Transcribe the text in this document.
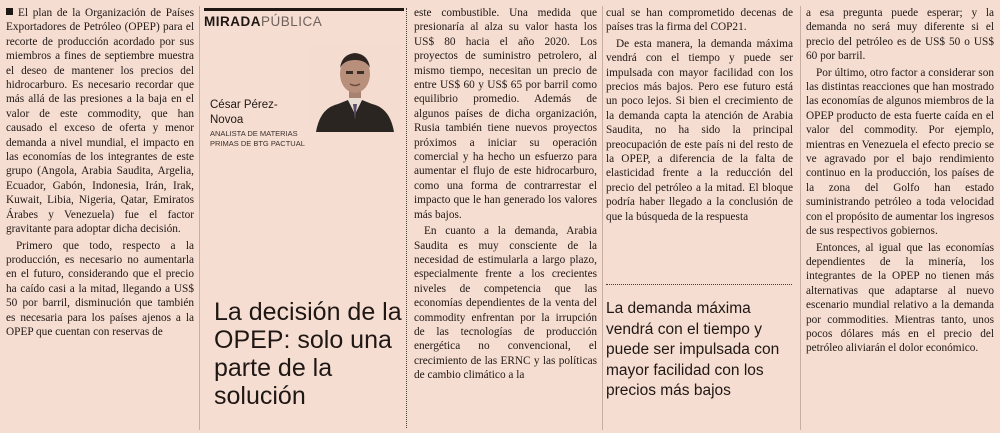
El plan de la Organización de Países Exportadores de Petróleo (OPEP) para el recorte de producción acordado por sus miembros a fines de septiembre muestra el deseo de mantener los precios del hidrocarburo. Es necesario recordar que más allá de las presiones a la baja en el valor de este commodity, que han causado el exceso de oferta y menor demanda a nivel mundial, el impacto en las economías de los integrantes de este grupo (Angola, Arabia Saudita, Argelia, Ecuador, Gabón, Indonesia, Irán, Irak, Kuwait, Libia, Nigeria, Qatar, Emiratos Árabes y Venezuela) fue el factor gravitante para adoptar dicha decisión.

Primero que todo, respecto a la producción, es necesario no aumentarla en el futuro, considerando que el precio ha caído casi a la mitad, llegando a US$ 50 por barril, disminución que también es necesaria para los países ajenos a la OPEP que cuentan con reservas de

MIRADAPÚBLICA
César Pérez-Novoa
ANALISTA DE MATERIAS PRIMAS DE BTG PACTUAL
La decisión de la OPEP: solo una parte de la solución

este combustible. Una medida que presionaría al alza su valor hasta los US$ 80 hacia el año 2020. Los proyectos de suministro petrolero, al mismo tiempo, necesitan un precio de entre US$ 60 y US$ 65 por barril como equilibrio promedio. Además de algunos países de dicha organización, Rusia también tiene nuevos proyectos próximos a iniciar su operación comercial y ha hecho un esfuerzo para aumentar el flujo de este hidrocarburo, como una forma de contrarrestar el impacto que le han generado los valores más bajos.

En cuanto a la demanda, Arabia Saudita es muy consciente de la necesidad de estimularla a largo plazo, especialmente frente a los crecientes niveles de competencia que las economías dependientes de la venta del commodity enfrentan por la irrupción de las tecnologías de producción energética no convencional, el crecimiento de las ERNC y las políticas de cambio climático a la

cual se han comprometido decenas de países tras la firma del COP21.

De esta manera, la demanda máxima vendrá con el tiempo y puede ser impulsada con mayor facilidad con los precios más bajos. Pero ese futuro está un poco lejos. Si bien el crecimiento de la demanda capta la atención de Arabia Saudita, no ha sido la principal preocupación de este país ni del resto de la OPEP, a diferencia de la falta de elasticidad frente a la reducción del precio del petróleo a la mitad. El bloque podría haber llegado a la conclusión de que la búsqueda de la respuesta

La demanda máxima vendrá con el tiempo y puede ser impulsada con mayor facilidad con los precios más bajos

a esa pregunta puede esperar; y la demanda no será muy diferente si el precio del petróleo es de US$ 50 o US$ 60 por barril.

Por último, otro factor a considerar son las distintas reacciones que han mostrado las economías de algunos miembros de la OPEP producto de esta fuerte caída en el valor del commodity. Por ejemplo, mientras en Venezuela el efecto precio se ve agravado por el bajo rendimiento continuo en la producción, los países de la zona del Golfo han estado suministrando petróleo a toda velocidad con el propósito de aumentar los ingresos de sus respectivos gobiernos.

Entonces, al igual que las economías dependientes de la minería, los integrantes de la OPEP no tienen más alternativas que adaptarse al nuevo escenario mundial relativo a la demanda por commodities. Mientras tanto, unos pocos dólares más en el precio del petróleo aliviarán el dolor económico.
